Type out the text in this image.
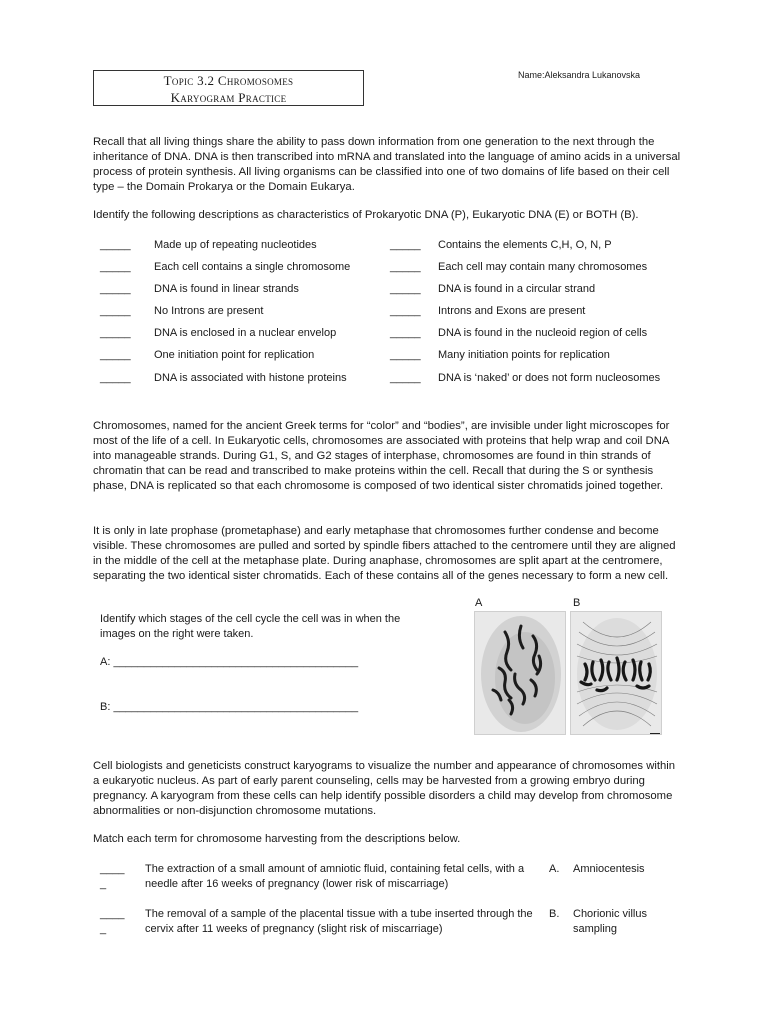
Topic 3.2 Chromosomes
Karyogram Practice
Name:Aleksandra Lukanovska
Recall that all living things share the ability to pass down information from one generation to the next through the inheritance of DNA. DNA is then transcribed into mRNA and translated into the language of amino acids in a universal process of protein synthesis. All living organisms can be classified into one of two domains of life based on their cell type – the Domain Prokarya or the Domain Eukarya.
Identify the following descriptions as characteristics of Prokaryotic DNA (P), Eukaryotic DNA (E) or BOTH (B).
_____ Made up of repeating nucleotides	_____ Contains the elements C,H, O, N, P
_____ Each cell contains a single chromosome	_____ Each cell may contain many chromosomes
_____ DNA is found in linear strands	_____ DNA is found in a circular strand
_____ No Introns are present	_____ Introns and Exons are present
_____ DNA is enclosed in a nuclear envelop	_____ DNA is found in the nucleoid region of cells
_____ One initiation point for replication	_____ Many initiation points for replication
_____ DNA is associated with histone proteins	_____ DNA is ‘naked’ or does not form nucleosomes
Chromosomes, named for the ancient Greek terms for “color” and “bodies”, are invisible under light microscopes for most of the life of a cell. In Eukaryotic cells, chromosomes are associated with proteins that help wrap and coil DNA into manageable strands. During G1, S, and G2 stages of interphase, chromosomes are found in thin strands of chromatin that can be read and transcribed to make proteins within the cell. Recall that during the S or synthesis phase, DNA is replicated so that each chromosome is composed of two identical sister chromatids joined together.
It is only in late prophase (prometaphase) and early metaphase that chromosomes further condense and become visible. These chromosomes are pulled and sorted by spindle fibers attached to the centromere until they are aligned in the middle of the cell at the metaphase plate. During anaphase, chromosomes are split apart at the centromere, separating the two identical sister chromatids. Each of these contains all of the genes necessary to form a new cell.
Identify which stages of the cell cycle the cell was in when the images on the right were taken.
A: ________________________________________
B: ________________________________________
A	B
Cell biologists and geneticists construct karyograms to visualize the number and appearance of chromosomes within a eukaryotic nucleus. As part of early parent counseling, cells may be harvested from a growing embryo during pregnancy. A karyogram from these cells can help identify possible disorders a child may develop from chromosome abnormalities or non-disjunction chromosome mutations.
Match each term for chromosome harvesting from the descriptions below.
____
_
The extraction of a small amount of amniotic fluid, containing fetal cells, with a needle after 16 weeks of pregnancy (lower risk of miscarriage)
A. Amniocentesis
____
_
The removal of a sample of the placental tissue with a tube inserted through the cervix after 11 weeks of pregnancy (slight risk of miscarriage)
B. Chorionic villus sampling
